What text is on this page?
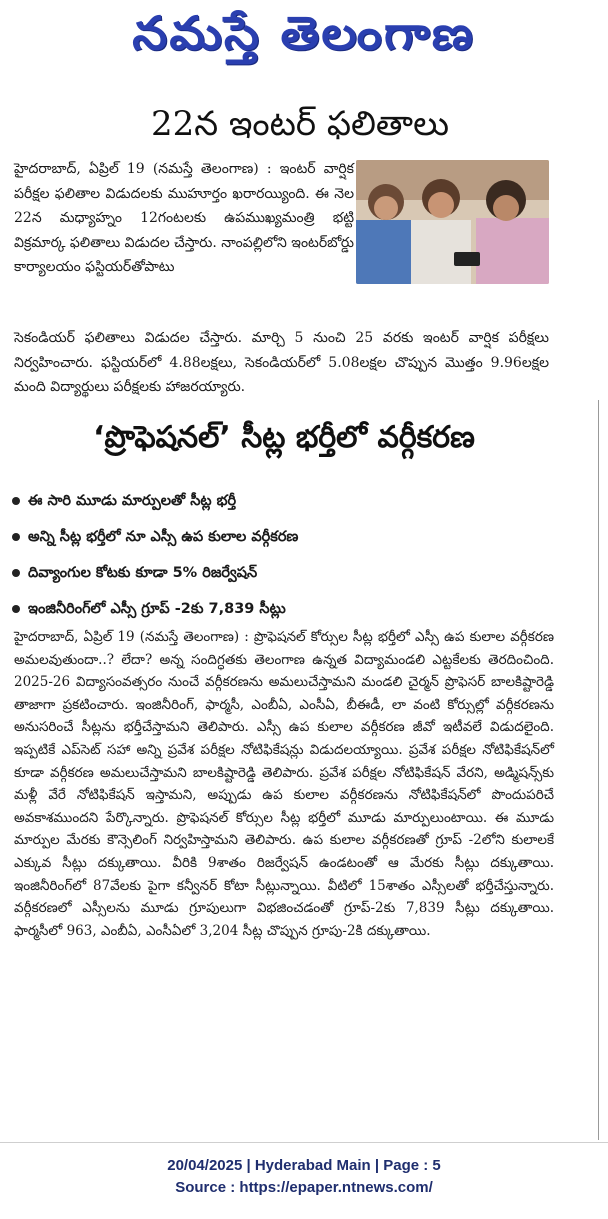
నమస్తే తెలంగాణ
22న ఇంటర్ ఫలితాలు
హైదరాబాద్, ఏప్రిల్ 19 (నమస్తే తెలంగాణ) : ఇంటర్ వార్షిక పరీక్షల ఫలితాల విడుదలకు ముహూర్తం ఖరారయ్యింది. ఈ నెల 22న మధ్యాహ్నం 12గంటలకు ఉపముఖ్యమంత్రి భట్టి విక్రమార్క ఫలితాలు విడుదల చేస్తారు. నాంపల్లిలోని ఇంటర్‌బోర్డు కార్యాలయం ఫస్టియర్‌తోపాటు
సెకండియర్ ఫలితాలు విడుదల చేస్తారు. మార్చి 5 నుంచి 25 వరకు ఇంటర్ వార్షిక పరీక్షలు నిర్వహించారు. ఫస్టియర్‌లో 4.88లక్షలు, సెకండియర్‌లో 5.08లక్షల చొప్పున మొత్తం 9.96లక్షల మంది విద్యార్థులు పరీక్షలకు హాజరయ్యారు.
‘ప్రొఫెషనల్’ సీట్ల భర్తీలో వర్గీకరణ
ఈ సారి మూడు మార్పులతో సీట్ల భర్తీ
అన్ని సీట్ల భర్తీలో నూ ఎస్సీ ఉప కులాల వర్గీకరణ
దివ్యాంగుల కోటకు కూడా 5% రిజర్వేషన్
ఇంజినీరింగ్‌లో ఎస్సీ గ్రూప్ -2కు 7,839 సీట్లు
హైదరాబాద్, ఏప్రిల్ 19 (నమస్తే తెలంగాణ) : ప్రొఫెషనల్ కోర్సుల సీట్ల భర్తీలో ఎస్సీ ఉప కులాల వర్గీకరణ అమలవుతుందా..? లేదా? అన్న సందిగ్ధతకు తెలంగాణ ఉన్నత విద్యామండలి ఎట్టకేలకు తెరదించింది. 2025-26 విద్యాసంవత్సరం నుంచే వర్గీకరణను అమలుచేస్తామని మండలి చైర్మన్ ప్రొఫెసర్ బాలకిష్టారెడ్డి తాజాగా ప్రకటించారు. ఇంజినీరింగ్, ఫార్మసీ, ఎంబీఏ, ఎంసీఏ, బీఈడీ, లా వంటి కోర్సుల్లో వర్గీకరణను అనుసరించే సీట్లను భర్తీచేస్తామని తెలిపారు. ఎస్సీ ఉప కులాల వర్గీకరణ జీవో ఇటీవలే విడుదలైంది. ఇప్పటికే ఎప్‌సెట్ సహా అన్ని ప్రవేశ పరీక్షల నోటిఫికేషన్లు విడుదలయ్యాయి. ప్రవేశ పరీక్షల నోటిఫికేషన్‌లో కూడా వర్గీకరణ అమలుచేస్తామని బాలకిష్టారెడ్డి తెలిపారు. ప్రవేశ పరీక్షల నోటిఫికేషన్ వేరని, అడ్మిషన్స్‌కు మళ్లీ వేరే నోటిఫికేషన్ ఇస్తామని, అప్పుడు ఉప కులాల వర్గీకరణను నోటిఫికేషన్‌లో పొందుపరిచే అవకాశముందని పేర్కొన్నారు. ప్రొఫెషనల్ కోర్సుల సీట్ల భర్తీలో మూడు మార్పులుంటాయి. ఈ మూడు మార్పుల మేరకు కౌన్సెలింగ్ నిర్వహిస్తామని తెలిపారు. ఉప కులాల వర్గీకరణతో గ్రూప్ -2లోని కులాలకే ఎక్కువ సీట్లు దక్కుతాయి. వీరికి 9శాతం రిజర్వేషన్ ఉండటంతో ఆ మేరకు సీట్లు దక్కుతాయి. ఇంజినీరింగ్‌లో 87వేలకు పైగా కన్వీనర్ కోటా సీట్లున్నాయి. వీటిలో 15శాతం ఎస్సీలతో భర్తీచేస్తున్నారు. వర్గీకరణలో ఎస్సీలను మూడు గ్రూపులుగా విభజించడంతో గ్రూప్-2కు 7,839 సీట్లు దక్కుతాయి. ఫార్మసీలో 963, ఎంబీఏ, ఎంసీఏలో 3,204 సీట్ల చొప్పున గ్రూపు-2కి దక్కుతాయి.
20/04/2025 | Hyderabad Main | Page : 5
Source : https://epaper.ntnews.com/
